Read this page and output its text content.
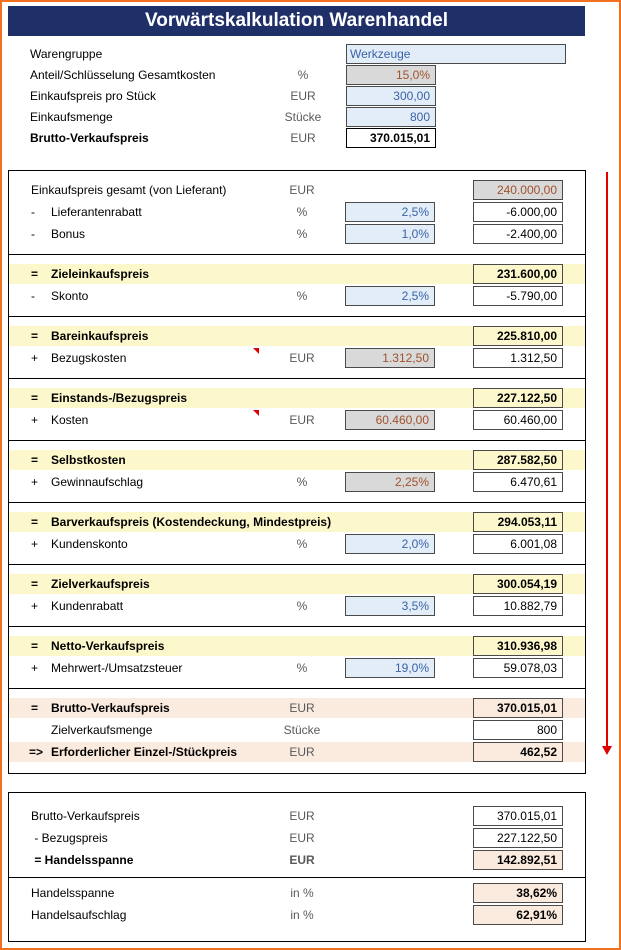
Vorwärtskalkulation Warenhandel
Warengruppe	Werkzeuge
Anteil/Schlüsselung Gesamtkosten	%	15,0%
Einkaufspreis pro Stück	EUR	300,00
Einkaufsmenge	Stücke	800
Brutto-Verkaufspreis	EUR	370.015,01
Einkaufspreis gesamt (von Lieferant)	EUR	240.000,00
-	Lieferantenrabatt	%	2,5%	-6.000,00
-	Bonus	%	1,0%	-2.400,00
=	Zieleinkaufspreis	231.600,00
-	Skonto	%	2,5%	-5.790,00
=	Bareinkaufspreis	225.810,00
+	Bezugskosten	EUR	1.312,50	1.312,50
=	Einstands-/Bezugspreis	227.122,50
+	Kosten	EUR	60.460,00	60.460,00
=	Selbstkosten	287.582,50
+	Gewinnaufschlag	%	2,25%	6.470,61
=	Barverkaufspreis (Kostendeckung, Mindestpreis)	294.053,11
+	Kundenskonto	%	2,0%	6.001,08
=	Zielverkaufspreis	300.054,19
+	Kundenrabatt	%	3,5%	10.882,79
=	Netto-Verkaufspreis	310.936,98
+	Mehrwert-/Umsatzsteuer	%	19,0%	59.078,03
=	Brutto-Verkaufspreis	EUR	370.015,01
Zielverkaufsmenge	Stücke	800
=> Erforderlicher Einzel-/Stückpreis	EUR	462,52
Brutto-Verkaufspreis	EUR	370.015,01
- Bezugspreis	EUR	227.122,50
= Handelsspanne	EUR	142.892,51
Handelsspanne	in %	38,62%
Handelsaufschlag	in %	62,91%
